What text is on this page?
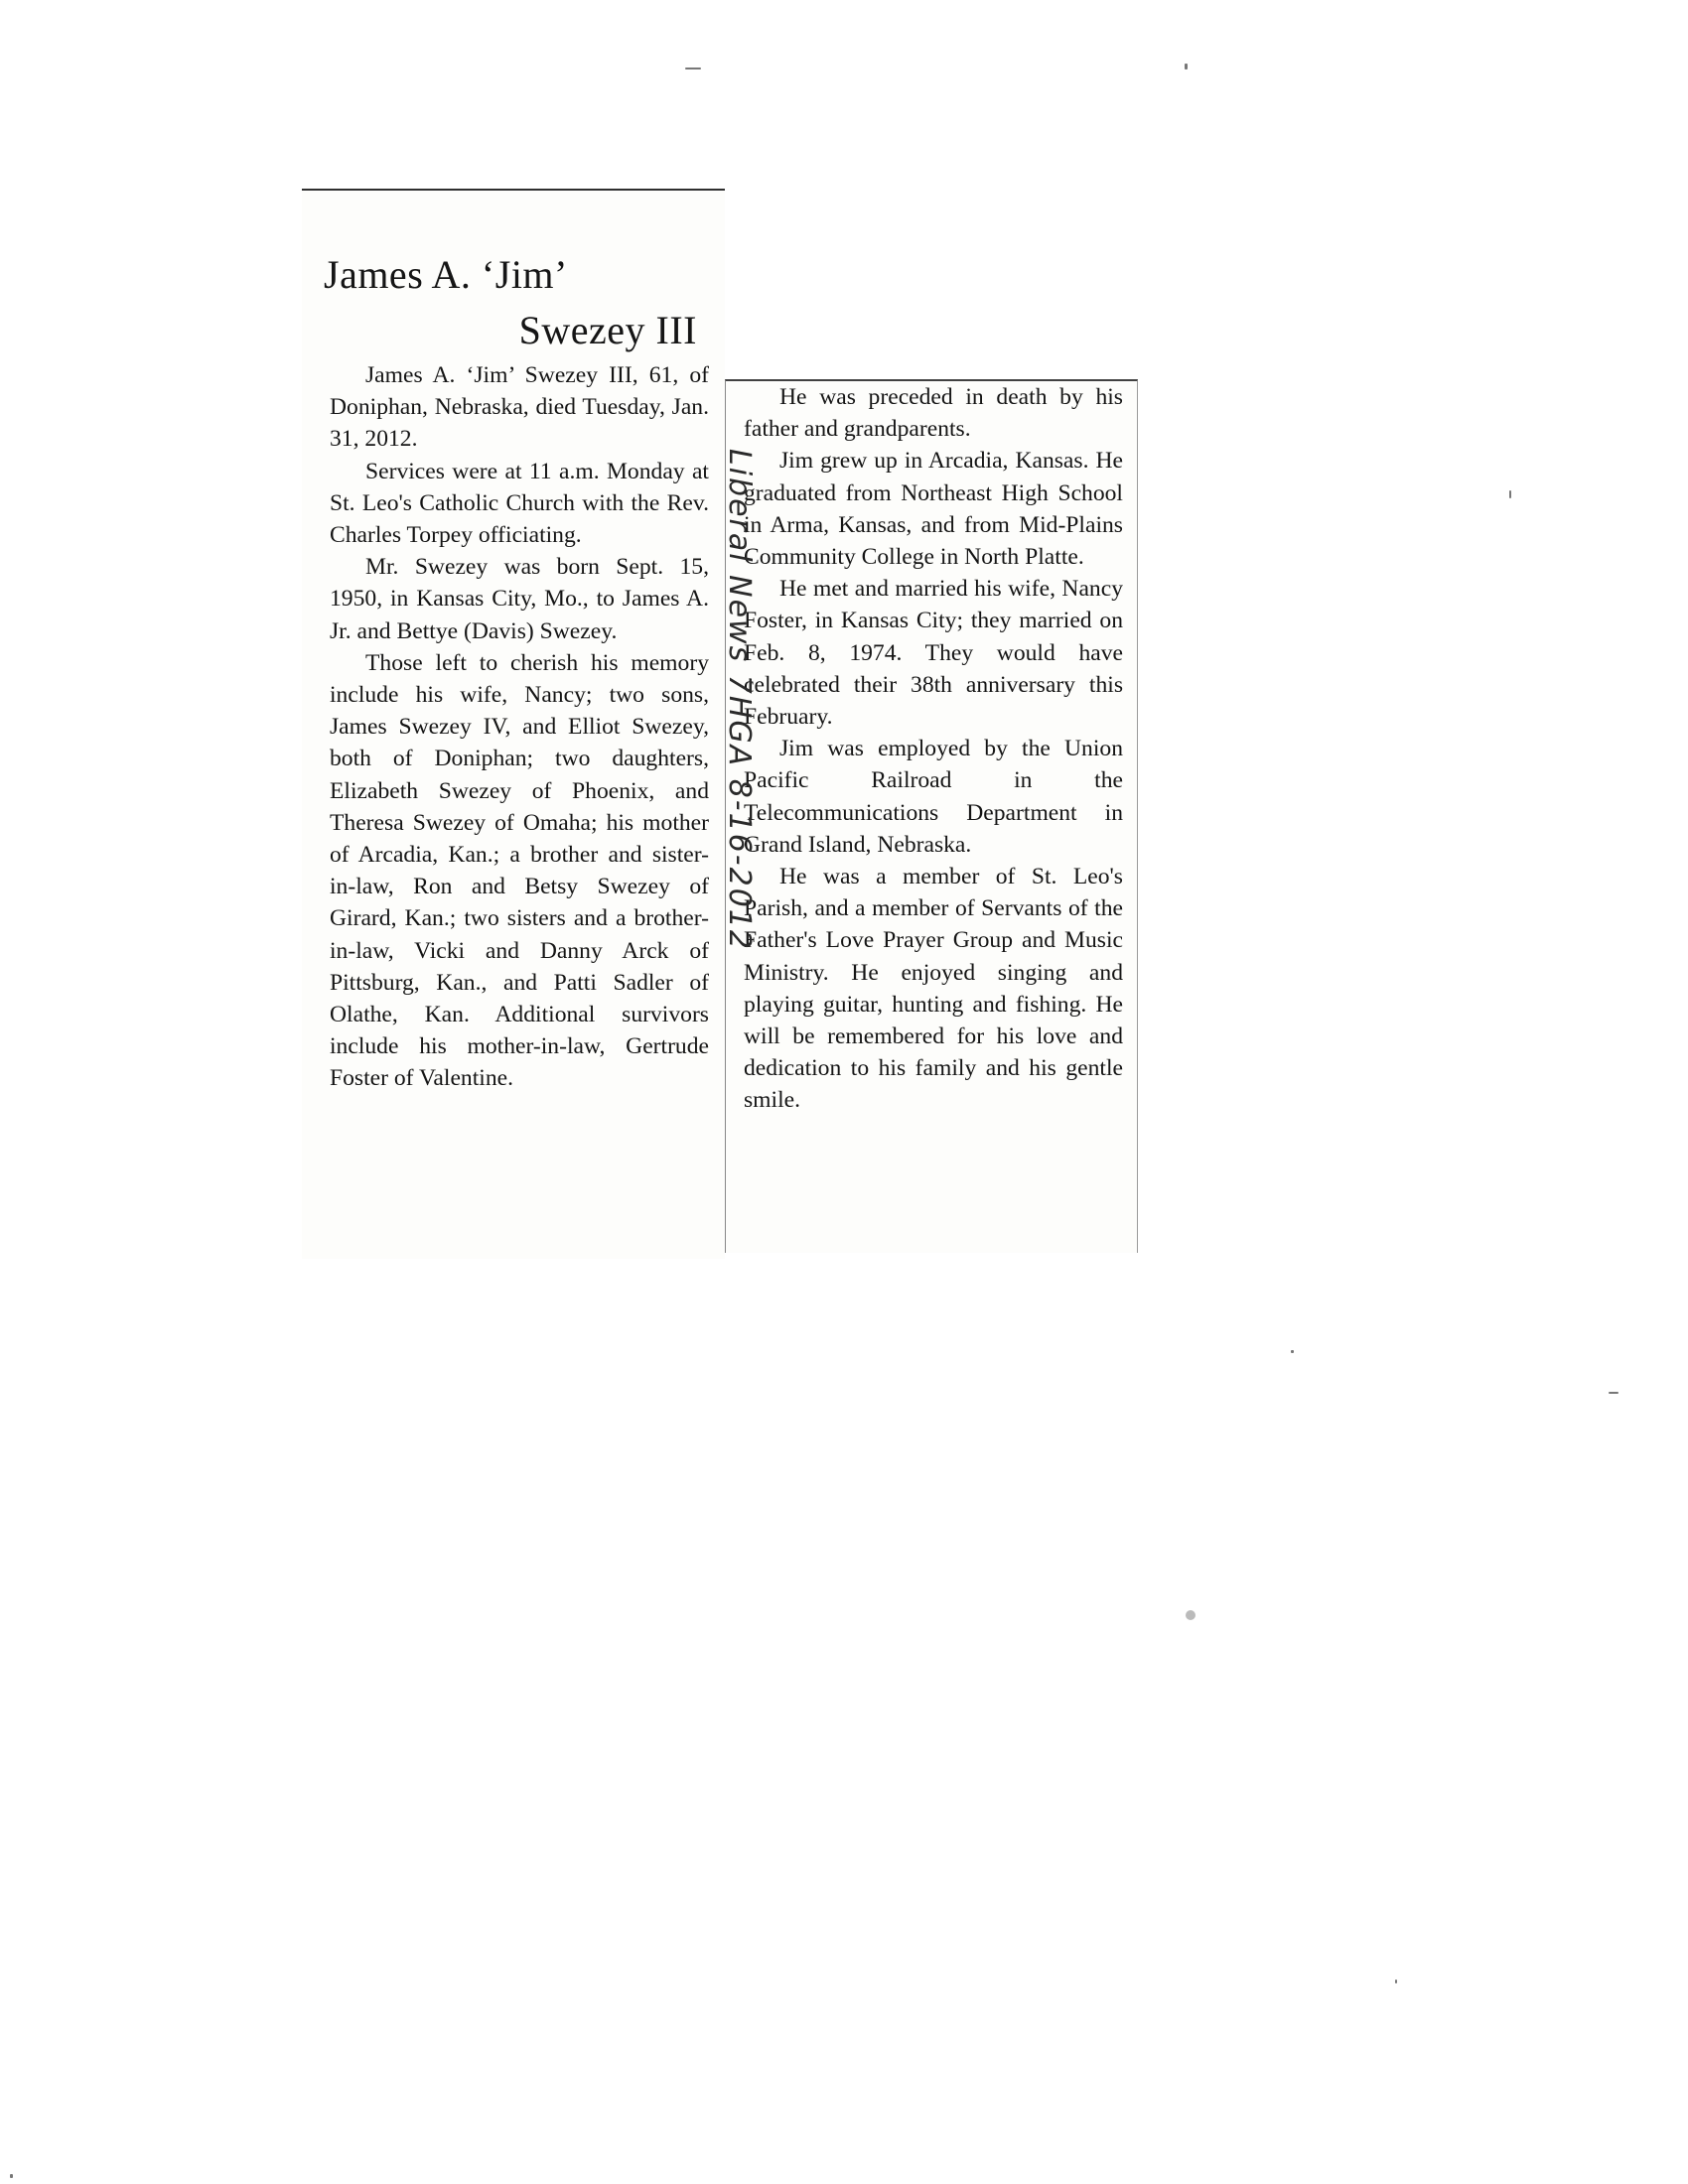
James A. ‘Jim’
Swezey III

James A. ‘Jim’ Swezey III, 61, of Doniphan, Nebraska, died Tuesday, Jan. 31, 2012.

Services were at 11 a.m. Monday at St. Leo's Catholic Church with the Rev. Charles Torpey officiating.

Mr. Swezey was born Sept. 15, 1950, in Kansas City, Mo., to James A. Jr. and Bettye (Davis) Swezey.

Those left to cherish his memory include his wife, Nancy; two sons, James Swezey IV, and Elliot Swezey, both of Doniphan; two daughters, Elizabeth Swezey of Phoenix, and Theresa Swezey of Omaha; his mother of Arcadia, Kan.; a brother and sister-in-law, Ron and Betsy Swezey of Girard, Kan.; two sisters and a brother-in-law, Vicki and Danny Arck of Pittsburg, Kan., and Patti Sadler of Olathe, Kan. Additional survivors include his mother-in-law, Gertrude Foster of Valentine.

He was preceded in death by his father and grandparents.

Jim grew up in Arcadia, Kansas. He graduated from Northeast High School in Arma, Kansas, and from Mid-Plains Community College in North Platte.

He met and married his wife, Nancy Foster, in Kansas City; they married on Feb. 8, 1974. They would have celebrated their 38th anniversary this February.

Jim was employed by the Union Pacific Railroad in the Telecommunications Department in Grand Island, Nebraska.

He was a member of St. Leo's Parish, and a member of Servants of the Father's Love Prayer Group and Music Ministry. He enjoyed singing and playing guitar, hunting and fishing. He will be remembered for his love and dedication to his family and his gentle smile.

Liberal News 7HGA 8-16-2012
